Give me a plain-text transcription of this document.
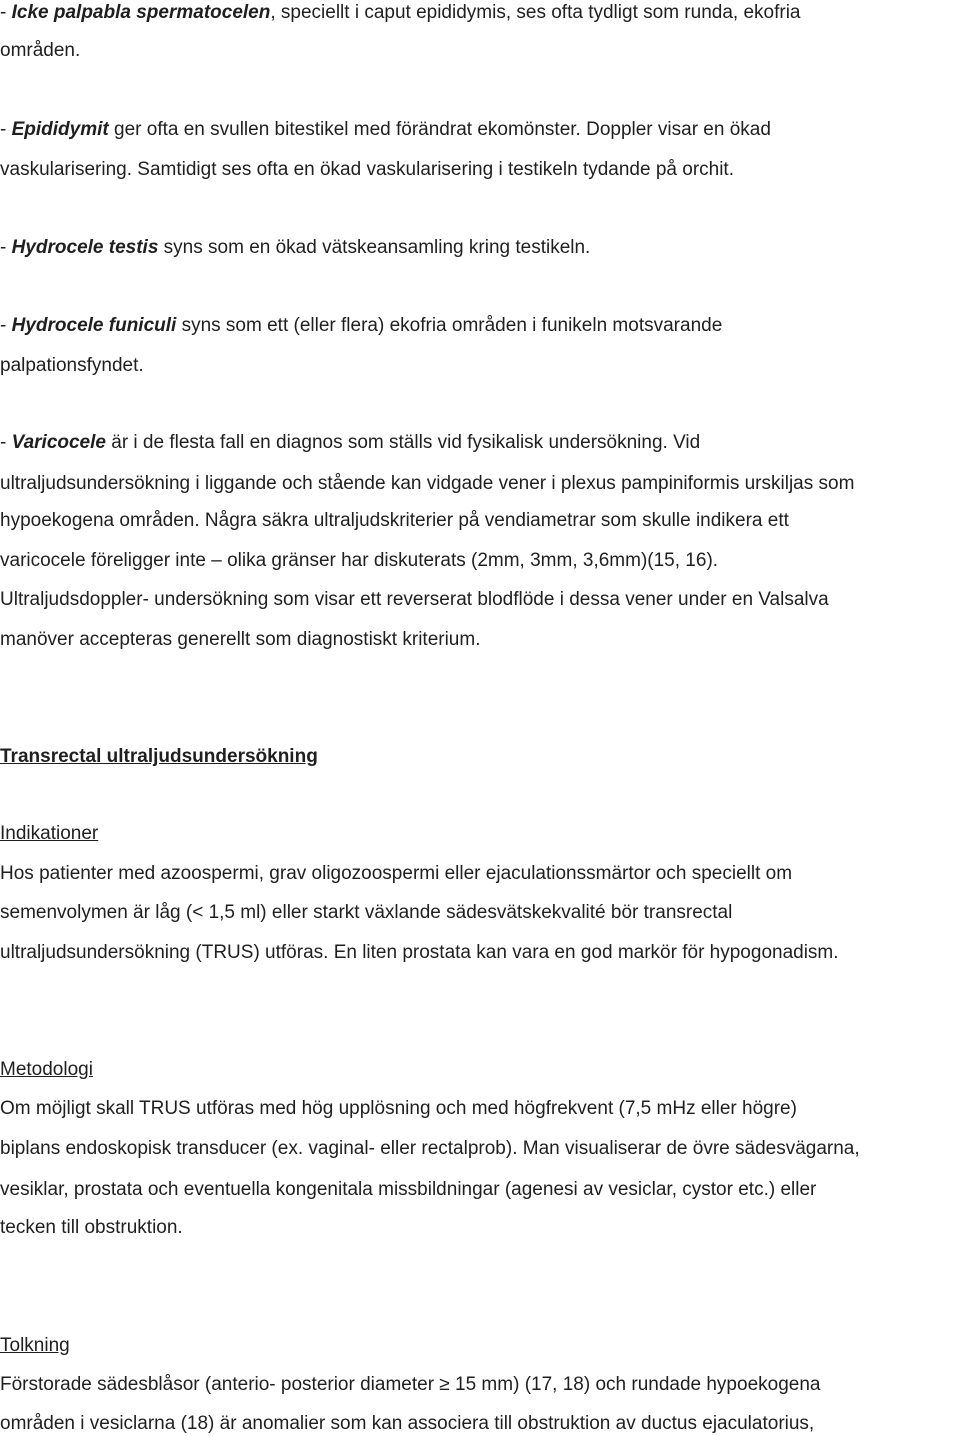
- Icke palpabla spermatocelen, speciellt i caput epididymis, ses ofta tydligt som runda, ekofria
områden.
- Epididymit ger ofta en svullen bitestikel med förändrat ekomönster. Doppler visar en ökad
vaskularisering. Samtidigt ses ofta en ökad vaskularisering i testikeln tydande på orchit.
- Hydrocele testis syns som en ökad vätskeansamling kring testikeln.
- Hydrocele funiculi syns som ett (eller flera) ekofria områden i funikeln motsvarande
palpationsfyndet.
- Varicocele är i de flesta fall en diagnos som ställs vid fysikalisk undersökning. Vid
ultraljudsundersökning i liggande och stående kan vidgade vener i plexus pampiniformis urskiljas som
hypoekogena områden. Några säkra ultraljudskriterier på vendiametrar som skulle indikera ett
varicocele föreligger inte – olika gränser har diskuterats (2mm, 3mm, 3,6mm)(15, 16).
Ultraljudsdoppler- undersökning som visar ett reverserat blodflöde i dessa vener under en Valsalva
manöver accepteras generellt som diagnostiskt kriterium.
Transrectal ultraljudsundersökning
Indikationer
Hos patienter med azoospermi, grav oligozoospermi eller ejaculationssmärtor och speciellt om
semenvolymen är låg (< 1,5 ml) eller starkt växlande sädesvätskekvalité bör transrectal
ultraljudsundersökning (TRUS) utföras. En liten prostata kan vara en god markör för hypogonadism.
Metodologi
Om möjligt skall TRUS utföras med hög upplösning och med högfrekvent (7,5 mHz eller högre)
biplans endoskopisk transducer (ex. vaginal- eller rectalprob). Man visualiserar de övre sädesvägarna,
vesiklar, prostata och eventuella kongenitala missbildningar (agenesi av vesiclar, cystor etc.) eller
tecken till obstruktion.
Tolkning
Förstorade sädesblåsor (anterio- posterior diameter ≥ 15 mm) (17, 18) och rundade hypoekogena
områden i vesiclarna (18) är anomalier som kan associera till obstruktion av ductus ejaculatorius,
